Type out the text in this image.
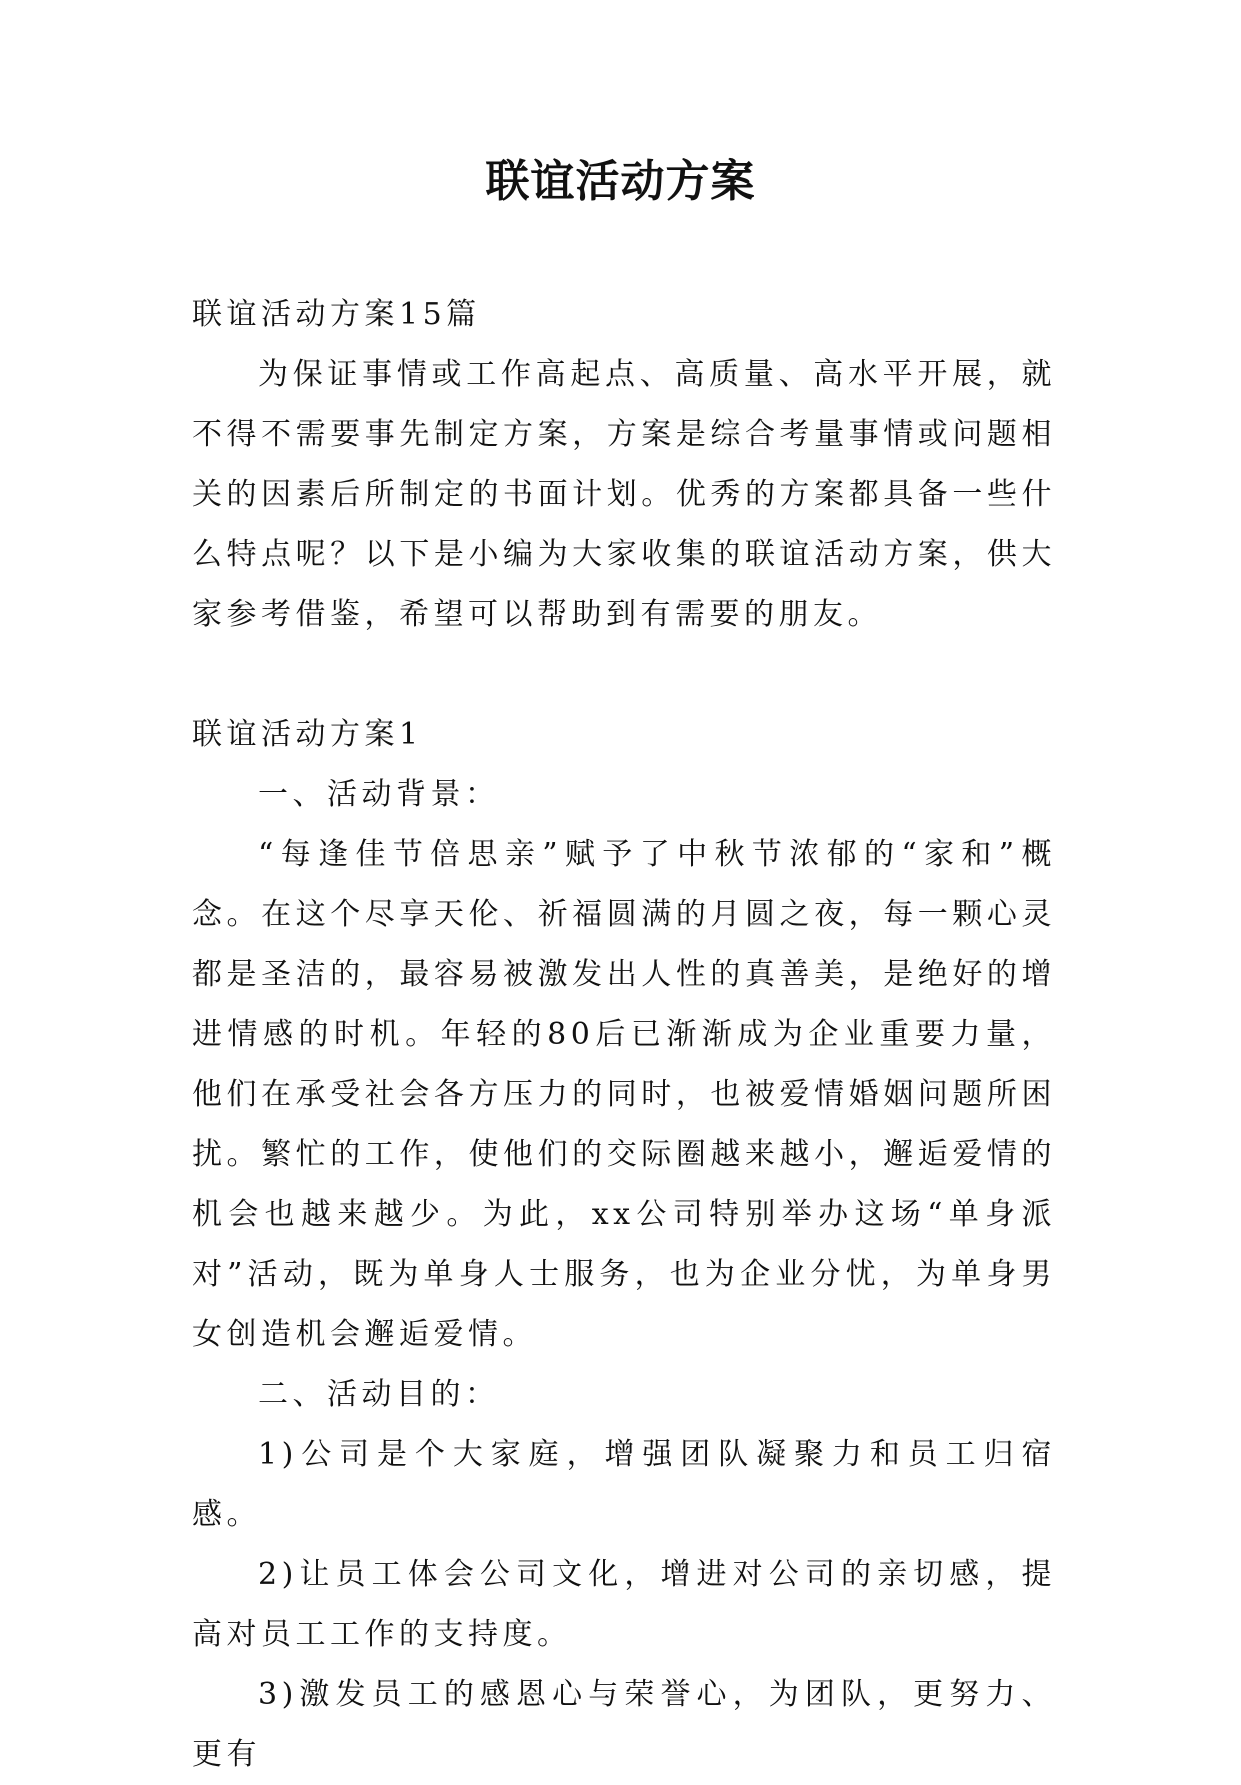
联谊活动方案

联谊活动方案15篇

为保证事情或工作高起点、高质量、高水平开展，就不得不需要事先制定方案，方案是综合考量事情或问题相关的因素后所制定的书面计划。优秀的方案都具备一些什么特点呢？以下是小编为大家收集的联谊活动方案，供大家参考借鉴，希望可以帮助到有需要的朋友。

联谊活动方案1

一、活动背景：

“每逢佳节倍思亲”赋予了中秋节浓郁的“家和”概念。在这个尽享天伦、祈福圆满的月圆之夜，每一颗心灵都是圣洁的，最容易被激发出人性的真善美，是绝好的增进情感的时机。年轻的80后已渐渐成为企业重要力量，他们在承受社会各方压力的同时，也被爱情婚姻问题所困扰。繁忙的工作，使他们的交际圈越来越小，邂逅爱情的机会也越来越少。为此，xx公司特别举办这场“单身派对”活动，既为单身人士服务，也为企业分忧，为单身男女创造机会邂逅爱情。

二、活动目的：

1)公司是个大家庭，增强团队凝聚力和员工归宿感。

2)让员工体会公司文化，增进对公司的亲切感，提高对员工工作的支持度。

3)激发员工的感恩心与荣誉心，为团队，更努力、更有
